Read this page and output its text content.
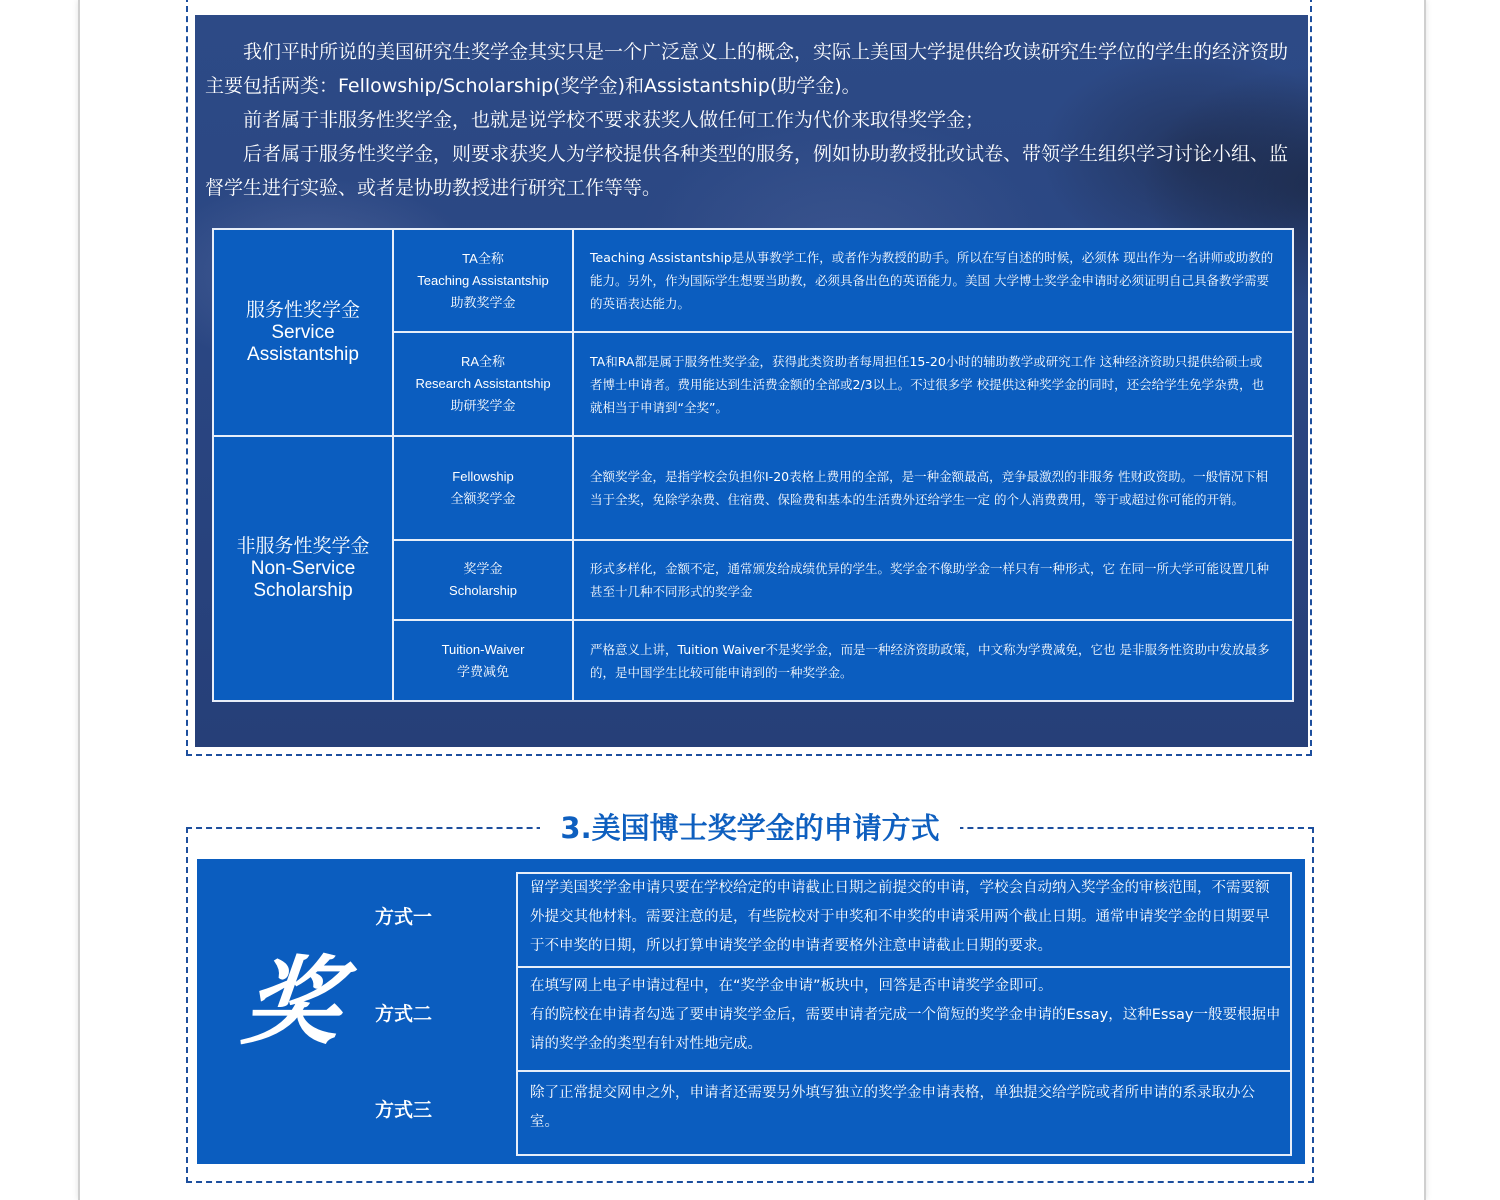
我们平时所说的美国研究生奖学金其实只是一个广泛意义上的概念，实际上美国大学提供给攻读研究生学位的学生的经济资助主要包括两类：Fellowship/Scholarship(奖学金)和Assistantship(助学金)。

前者属于非服务性奖学金，也就是说学校不要求获奖人做任何工作为代价来取得奖学金；

后者属于服务性奖学金，则要求获奖人为学校提供各种类型的服务，例如协助教授批改试卷、带领学生组织学习讨论小组、监督学生进行实验、或者是协助教授进行研究工作等等。

服务性奖学金
Service
Assistantship	TA全称
Teaching Assistantship
助教奖学金	Teaching Assistantship是从事教学工作，或者作为教授的助手。所以在写自述的时候，必须体 现出作为一名讲师或助教的能力。另外，作为国际学生想要当助教，必须具备出色的英语能力。美国 大学博士奖学金申请时必须证明自己具备教学需要的英语表达能力。

	RA全称
Research Assistantship
助研奖学金	TA和RA都是属于服务性奖学金，获得此类资助者每周担任15-20小时的辅助教学或研究工作 这种经济资助只提供给硕士或者博士申请者。费用能达到生活费金额的全部或2/3以上。不过很多学 校提供这种奖学金的同时，还会给学生免学杂费，也就相当于申请到“全奖”。

非服务性奖学金
Non-Service
Scholarship	Fellowship
全额奖学金	全额奖学金，是指学校会负担你I-20表格上费用的全部，是一种金额最高，竞争最激烈的非服务 性财政资助。一般情况下相当于全奖，免除学杂费、住宿费、保险费和基本的生活费外还给学生一定 的个人消费费用，等于或超过你可能的开销。

	奖学金
Scholarship	形式多样化，金额不定，通常颁发给成绩优异的学生。奖学金不像助学金一样只有一种形式，它 在同一所大学可能设置几种甚至十几种不同形式的奖学金

	Tuition-Waiver
学费减免	严格意义上讲，Tuition Waiver不是奖学金，而是一种经济资助政策，中文称为学费减免，它也 是非服务性资助中发放最多的，是中国学生比较可能申请到的一种奖学金。
3.美国博士奖学金的申请方式
奖
方式一
方式二
方式三

留学美国奖学金申请只要在学校给定的申请截止日期之前提交的申请，学校会自动纳入奖学金的审核范围，不需要额外提交其他材料。需要注意的是，有些院校对于申奖和不申奖的申请采用两个截止日期。通常申请奖学金的日期要早于不申奖的日期，所以打算申请奖学金的申请者要格外注意申请截止日期的要求。

在填写网上电子申请过程中，在“奖学金申请”板块中，回答是否申请奖学金即可。

有的院校在申请者勾选了要申请奖学金后，需要申请者完成一个简短的奖学金申请的Essay，这种Essay一般要根据申请的奖学金的类型有针对性地完成。

除了正常提交网申之外，申请者还需要另外填写独立的奖学金申请表格，单独提交给学院或者所申请的系录取办公室。
